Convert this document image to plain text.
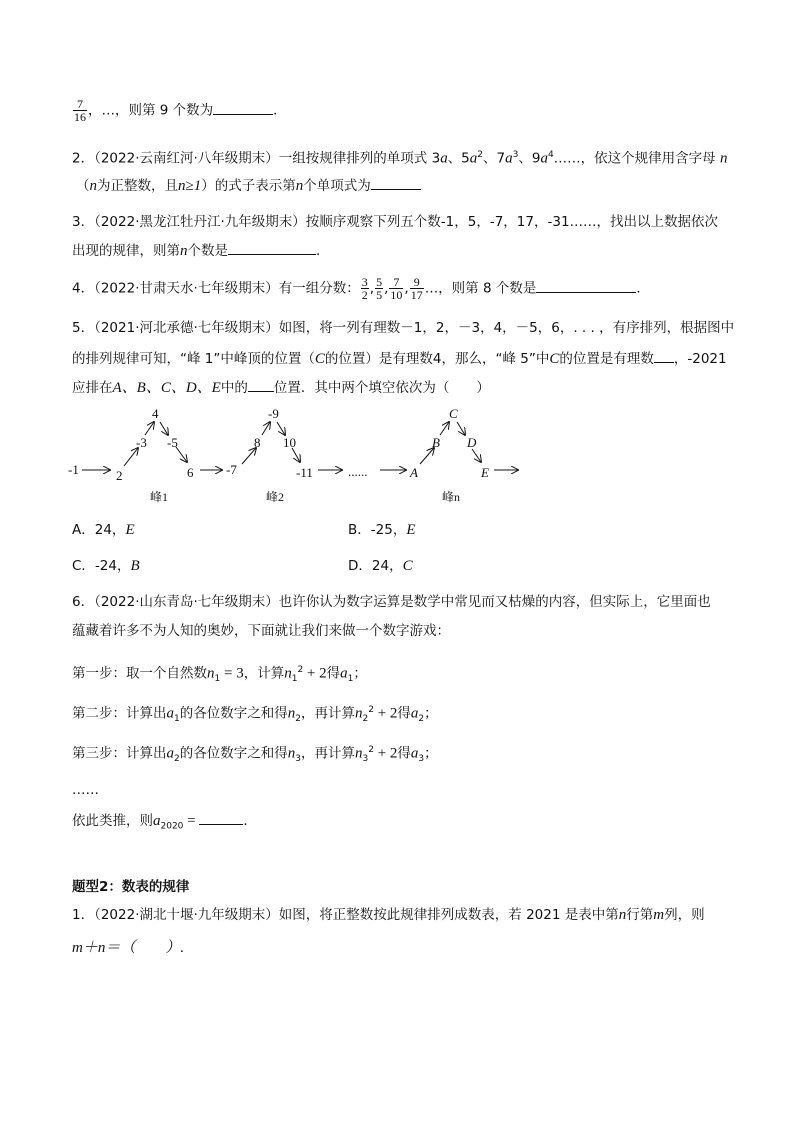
$\frac{7}{16}$ ，…，则第 9 个数为	．
2．（2022·云南红河·八年级期末）一组按规律排列的单项式 3a、$5a^2$、$7a^3$、$9a^4\dots\dots$，依这个规律用含字母 n
（n为正整数，且n≥1）的式子表示第n个单项式为
3．（2022·黑龙江牡丹江·九年级期末）按顺序观察下列五个数-1，5，-7，17，-31……，找出以上数据依次
出现的规律，则第n个数是	．
4．（2022·甘肃天水·七年级期末）有一组分数： $\frac{3}{2}$ , $\frac{5}{5}$ , $\frac{7}{10}$ , $\frac{9}{17}$ …，则第 8 个数是	．
5．（2021·河北承德·七年级期末）如图，将一列有理数－1，2，－3，4，－5，6，. . . ，有序排列，根据图中
的排列规律可知，“峰 1”中峰顶的位置（C的位置）是有理数4，那么，“峰 5”中C的位置是有理数 ，-2021
应排在A、B、C、D、E中的 位置．其中两个填空依次为（　　）
-1	2
-3
4
-5
6	-7
8
-9
10
-11	......	A
B
C
D
E
峰1	峰2	峰n
A．24，E	B．-25，E
C．-24，B	D．24，C
6．（2022·山东青岛·七年级期末）也许你认为数字运算是数学中常见而又枯燥的内容，但实际上，它里面也
蕴藏着许多不为人知的奥妙，下面就让我们来做一个数字游戏：
第一步：取一个自然数$n_1 = 3$，计算$n_1^2 + 2$得$a_1$；
第二步：计算出$a_1$的各位数字之和得$n_2$，再计算$n_2^2 + 2$得$a_2$；
第三步：计算出$a_2$的各位数字之和得$n_3$，再计算$n_3^2 + 2$得$a_3$；
……
依此类推，则$a_{2020}$ =	．
题型2：数表的规律
1．（2022·湖北十堰·九年级期末）如图，将正整数按此规律排列成数表，若 2021 是表中第n行第m列，则
m＋n＝（　　）.
